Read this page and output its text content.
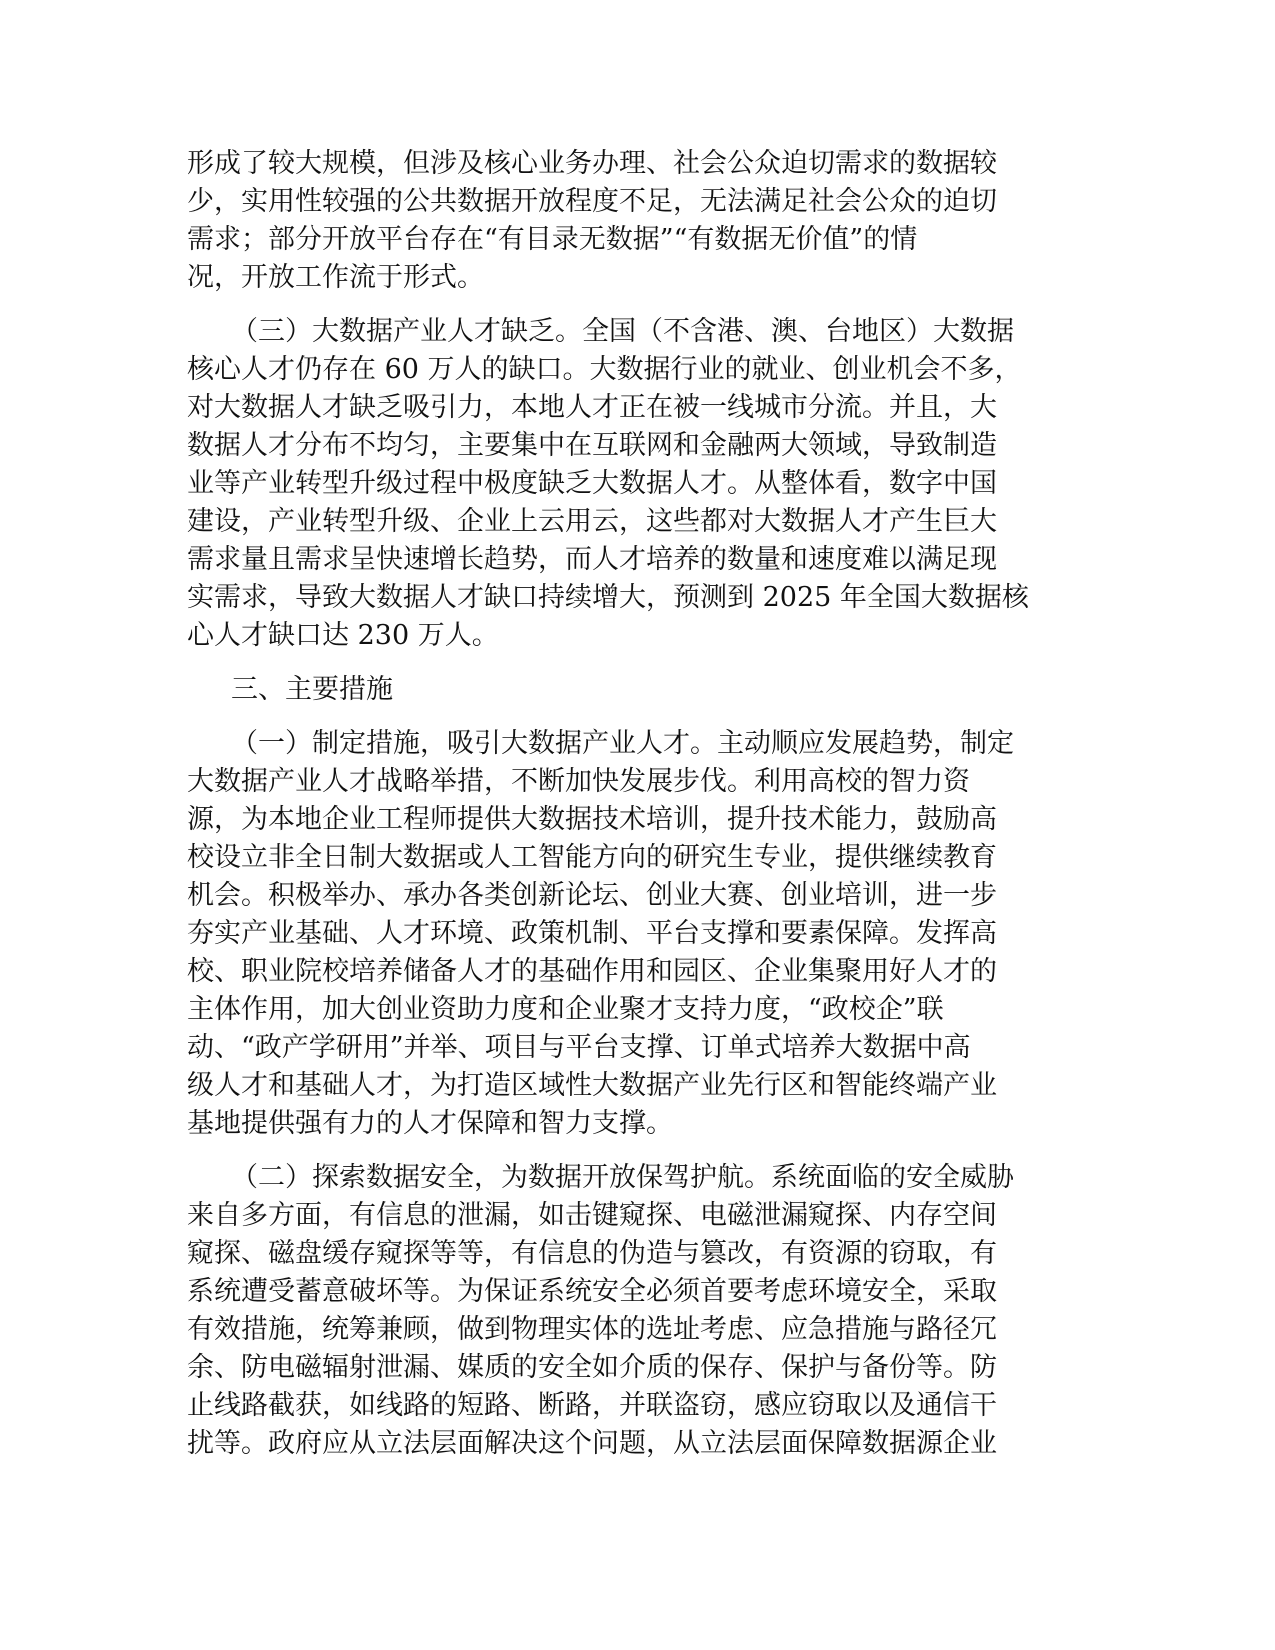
形成了较大规模，但涉及核心业务办理、社会公众迫切需求的数据较
少，实用性较强的公共数据开放程度不足，无法满足社会公众的迫切
需求；部分开放平台存在“有目录无数据”“有数据无价值”的情
况，开放工作流于形式。
（三）大数据产业人才缺乏。全国（不含港、澳、台地区）大数据
核心人才仍存在 60 万人的缺口。大数据行业的就业、创业机会不多，
对大数据人才缺乏吸引力，本地人才正在被一线城市分流。并且，大
数据人才分布不均匀，主要集中在互联网和金融两大领域，导致制造
业等产业转型升级过程中极度缺乏大数据人才。从整体看，数字中国
建设，产业转型升级、企业上云用云，这些都对大数据人才产生巨大
需求量且需求呈快速增长趋势，而人才培养的数量和速度难以满足现
实需求，导致大数据人才缺口持续增大，预测到 2025 年全国大数据核
心人才缺口达 230 万人。
三、主要措施
（一）制定措施，吸引大数据产业人才。主动顺应发展趋势，制定
大数据产业人才战略举措，不断加快发展步伐。利用高校的智力资
源，为本地企业工程师提供大数据技术培训，提升技术能力，鼓励高
校设立非全日制大数据或人工智能方向的研究生专业，提供继续教育
机会。积极举办、承办各类创新论坛、创业大赛、创业培训，进一步
夯实产业基础、人才环境、政策机制、平台支撑和要素保障。发挥高
校、职业院校培养储备人才的基础作用和园区、企业集聚用好人才的
主体作用，加大创业资助力度和企业聚才支持力度，“政校企”联
动、“政产学研用”并举、项目与平台支撑、订单式培养大数据中高
级人才和基础人才，为打造区域性大数据产业先行区和智能终端产业
基地提供强有力的人才保障和智力支撑。
（二）探索数据安全，为数据开放保驾护航。系统面临的安全威胁
来自多方面，有信息的泄漏，如击键窥探、电磁泄漏窥探、内存空间
窥探、磁盘缓存窥探等等，有信息的伪造与篡改，有资源的窃取，有
系统遭受蓄意破坏等。为保证系统安全必须首要考虑环境安全，采取
有效措施，统筹兼顾，做到物理实体的选址考虑、应急措施与路径冗
余、防电磁辐射泄漏、媒质的安全如介质的保存、保护与备份等。防
止线路截获，如线路的短路、断路，并联盗窃，感应窃取以及通信干
扰等。政府应从立法层面解决这个问题，从立法层面保障数据源企业
